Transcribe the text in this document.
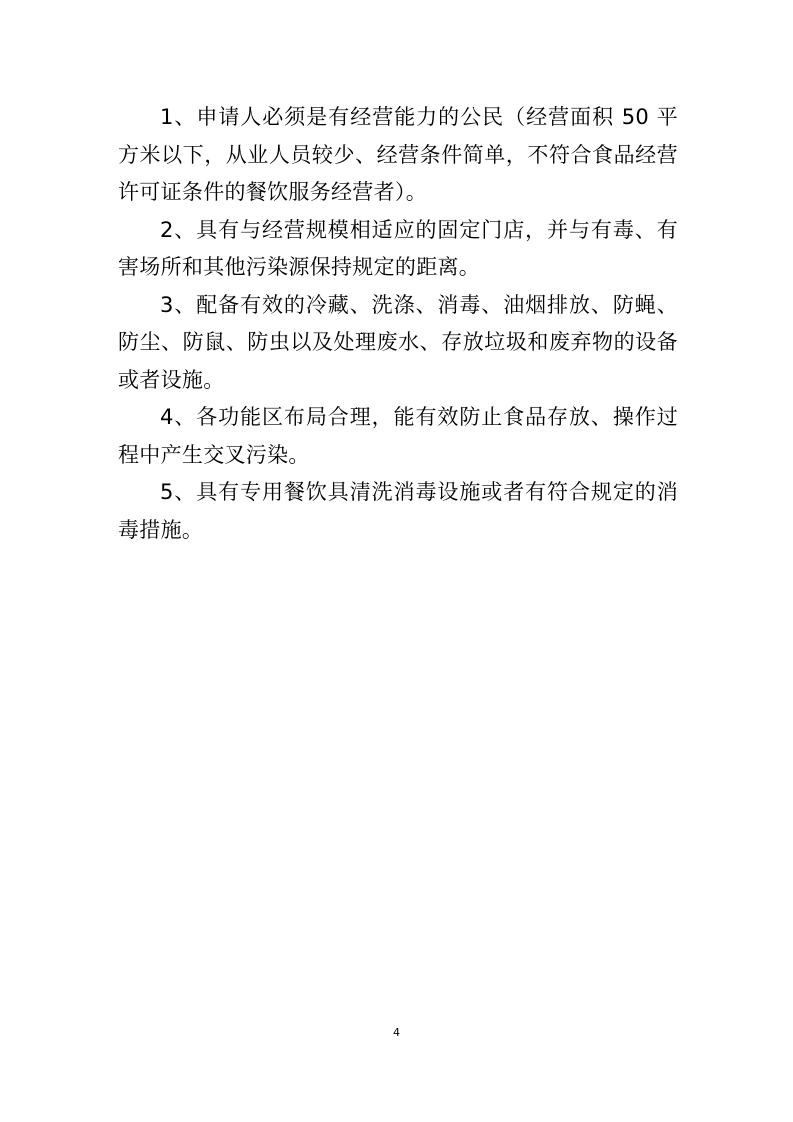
1、申请人必须是有经营能力的公民（经营面积 50 平方米以下，从业人员较少、经营条件简单，不符合食品经营许可证条件的餐饮服务经营者）。

2、具有与经营规模相适应的固定门店，并与有毒、有害场所和其他污染源保持规定的距离。

3、配备有效的冷藏、洗涤、消毒、油烟排放、防蝇、防尘、防鼠、防虫以及处理废水、存放垃圾和废弃物的设备或者设施。

4、各功能区布局合理，能有效防止食品存放、操作过程中产生交叉污染。

5、具有专用餐饮具清洗消毒设施或者有符合规定的消毒措施。

4
